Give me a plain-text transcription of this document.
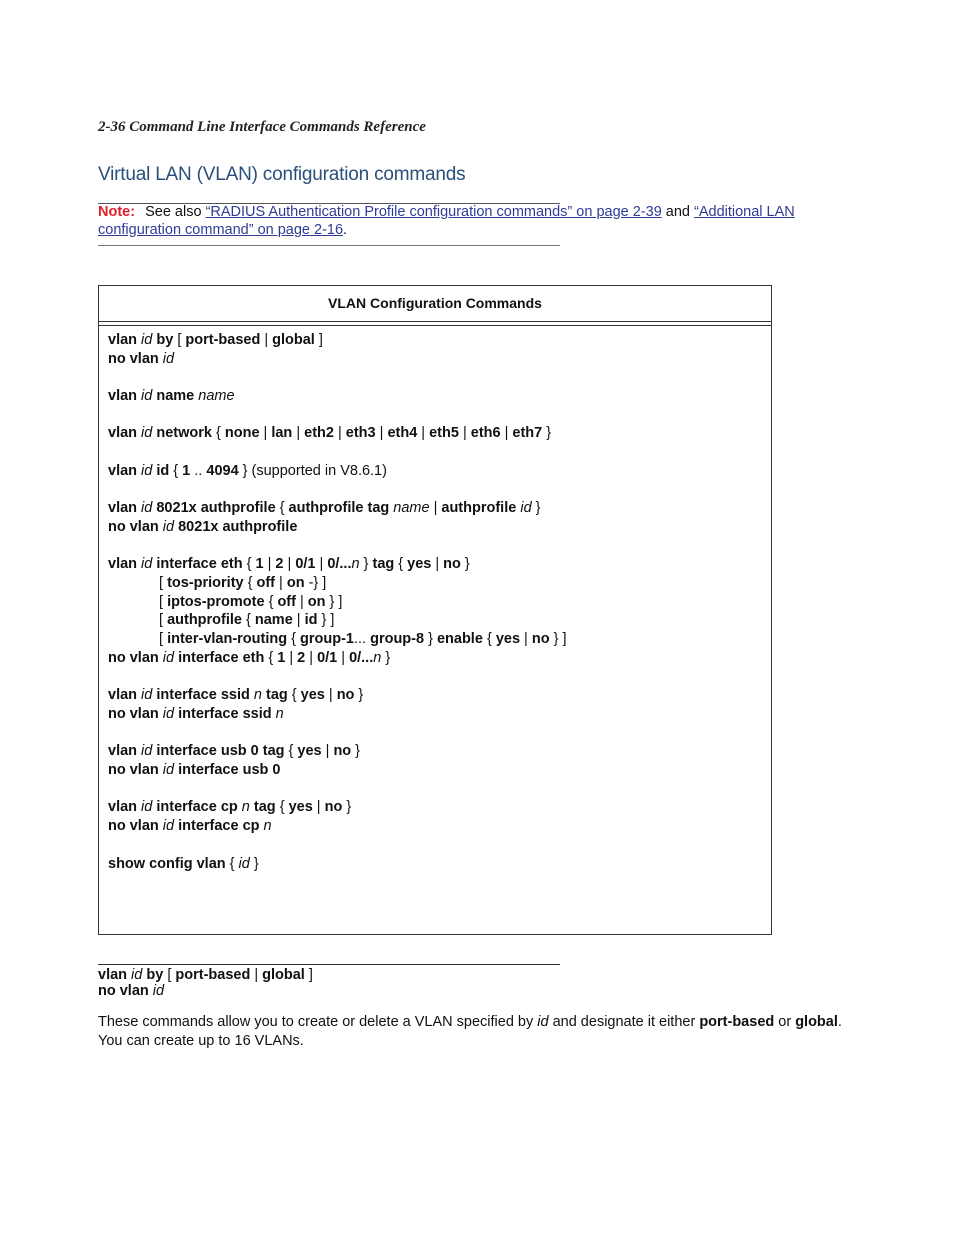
2-36 Command Line Interface Commands Reference
Virtual LAN (VLAN) configuration commands
Note: See also “RADIUS Authentication Profile configuration commands” on page 2-39 and “Additional LAN configuration command” on page 2-16.
VLAN Configuration Commands
vlan id by [ port-based | global ]
no vlan id
vlan id name name
vlan id network { none | lan | eth2 | eth3 | eth4 | eth5 | eth6 | eth7 }
vlan id id { 1 .. 4094 } (supported in V8.6.1)
vlan id 8021x authprofile { authprofile tag name | authprofile id }
no vlan id 8021x authprofile
vlan id interface eth { 1 | 2 | 0/1 | 0/...n } tag { yes | no }
[ tos-priority { off | on -} ]
[ iptos-promote { off | on } ]
[ authprofile { name | id } ]
[ inter-vlan-routing { group-1... group-8 } enable { yes | no } ]
no vlan id interface eth { 1 | 2 | 0/1 | 0/...n }
vlan id interface ssid n tag { yes | no }
no vlan id interface ssid n
vlan id interface usb 0 tag { yes | no }
no vlan id interface usb 0
vlan id interface cp n tag { yes | no }
no vlan id interface cp n
show config vlan { id }
vlan id by [ port-based | global ]
no vlan id
These commands allow you to create or delete a VLAN specified by id and designate it either port-based or global. You can create up to 16 VLANs.
